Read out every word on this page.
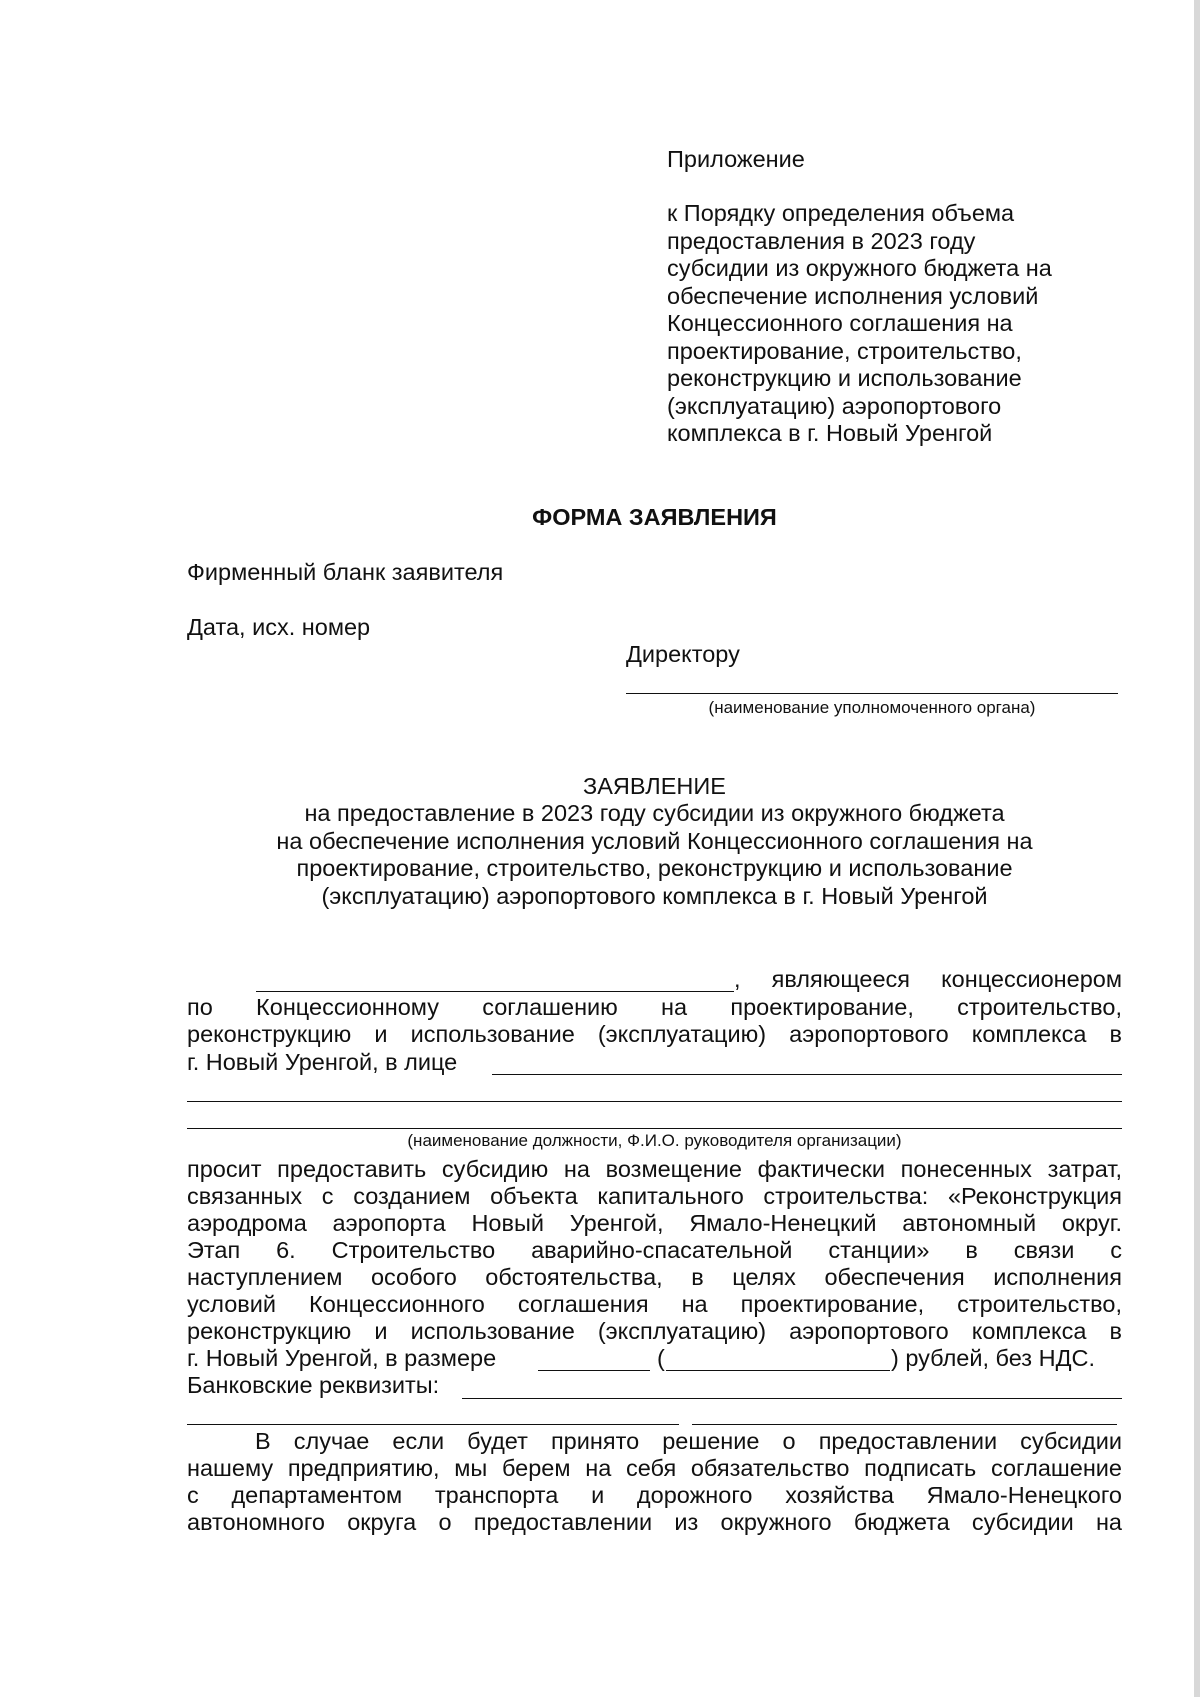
Приложение
к Порядку определения объема
предоставления в 2023 году
субсидии из окружного бюджета на
обеспечение исполнения условий
Концессионного соглашения на
проектирование, строительство,
реконструкцию и использование
(эксплуатацию) аэропортового
комплекса в г. Новый Уренгой
ФОРМА ЗАЯВЛЕНИЯ
Фирменный бланк заявителя
Дата, исх. номер
Директору
(наименование уполномоченного органа)
ЗАЯВЛЕНИЕ
на предоставление в 2023 году субсидии из окружного бюджета
на обеспечение исполнения условий Концессионного соглашения на
проектирование, строительство, реконструкцию и использование
(эксплуатацию) аэропортового комплекса в г. Новый Уренгой
, являющееся концессионером
по Концессионному соглашению на проектирование, строительство,
реконструкцию и использование (эксплуатацию) аэропортового комплекса в
г. Новый Уренгой, в лице
(наименование должности, Ф.И.О. руководителя организации)
просит предоставить субсидию на возмещение фактически понесенных затрат,
связанных с созданием объекта капитального строительства: «Реконструкция
аэродрома аэропорта Новый Уренгой, Ямало-Ненецкий автономный округ.
Этап 6. Строительство аварийно-спасательной станции» в связи с
наступлением особого обстоятельства, в целях обеспечения исполнения
условий Концессионного соглашения на проектирование, строительство,
реконструкцию и использование (эксплуатацию) аэропортового комплекса в
г. Новый Уренгой, в размере	(	) рублей, без НДС.
Банковские реквизиты:
В случае если будет принято решение о предоставлении субсидии
нашему предприятию, мы берем на себя обязательство подписать соглашение
с департаментом транспорта и дорожного хозяйства Ямало-Ненецкого
автономного округа о предоставлении из окружного бюджета субсидии на
